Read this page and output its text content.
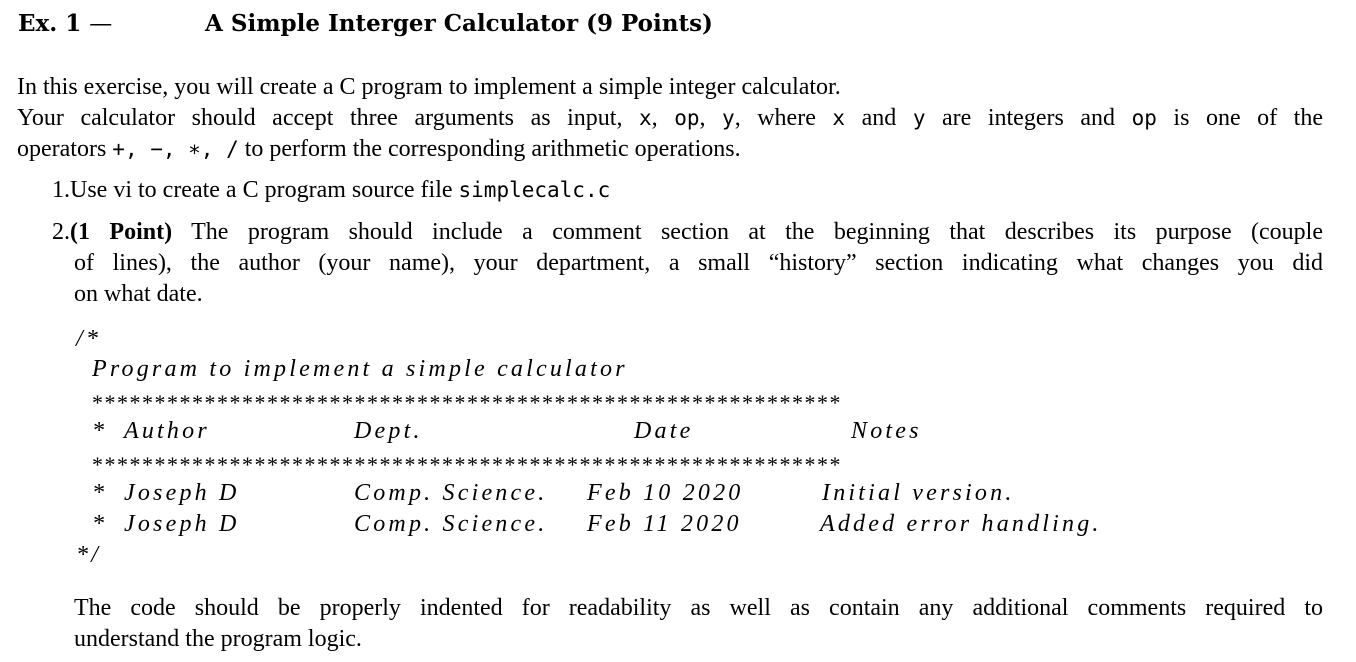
Ex. 1 —	A Simple Interger Calculator (9 Points)
In this exercise, you will create a C program to implement a simple integer calculator.
Your calculator should accept three arguments as input, x, op, y, where x and y are integers and op is one of the
operators +, −, ∗, / to perform the corresponding arithmetic operations.
1.Use vi to create a C program source file simplecalc.c
2.(1 Point) The program should include a comment section at the beginning that describes its purpose (couple
of lines), the author (your name), your department, a small “history” section indicating what changes you did
on what date.
/*
Program to implement a simple calculator
************************************************************
* Author	Dept.	Date	Notes
************************************************************
* Joseph D	Comp. Science. Feb 10 2020	Initial version.
* Joseph D	Comp. Science. Feb 11 2020	Added error handling.
*/
The code should be properly indented for readability as well as contain any additional comments required to
understand the program logic.
